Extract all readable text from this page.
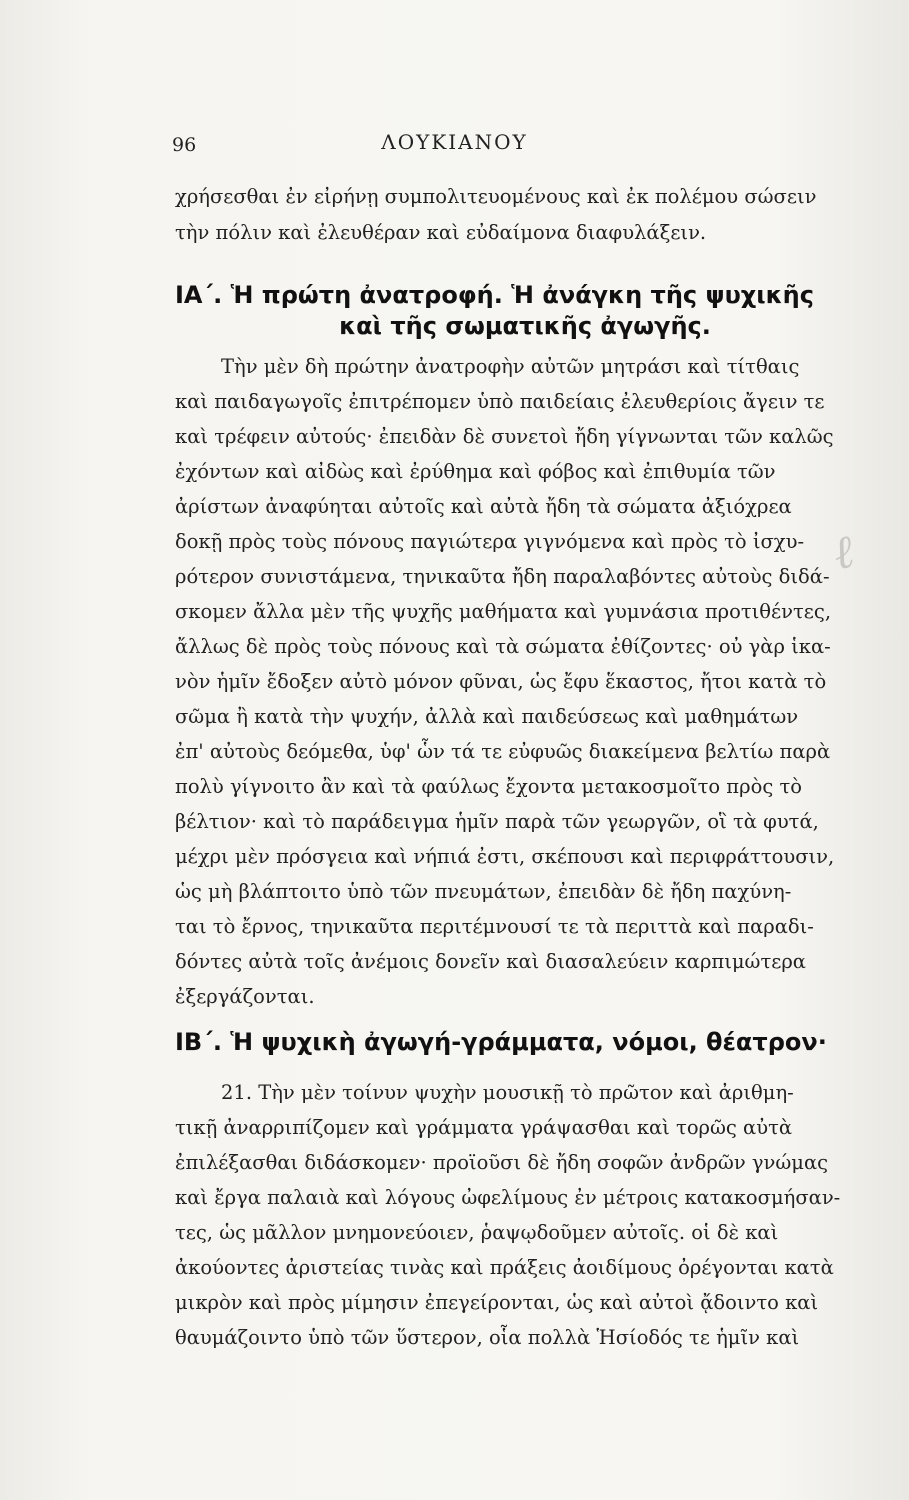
ℓ
96	ΛΟΥΚΙΑΝΟΥ
χρήσεσθαι ἐν εἰρήνῃ συμπολιτευομένους καὶ ἐκ πολέμου σώσειν
τὴν πόλιν καὶ ἐλευθέραν καὶ εὐδαίμονα διαφυλάξειν.
ΙΑ΄. Ἡ πρώτη ἀνατροφή. Ἡ ἀνάγκη τῆς ψυχικῆς
καὶ τῆς σωματικῆς ἀγωγῆς.
Τὴν μὲν δὴ πρώτην ἀνατροφὴν αὐτῶν μητράσι καὶ τίτθαις
καὶ παιδαγωγοῖς ἐπιτρέπομεν ὑπὸ παιδείαις ἐλευθερίοις ἄγειν τε
καὶ τρέφειν αὐτούς· ἐπειδὰν δὲ συνετοὶ ἤδη γίγνωνται τῶν καλῶς
ἐχόντων καὶ αἰδὼς καὶ ἐρύθημα καὶ φόβος καὶ ἐπιθυμία τῶν
ἀρίστων ἀναφύηται αὐτοῖς καὶ αὐτὰ ἤδη τὰ σώματα ἀξιόχρεα
δοκῇ πρὸς τοὺς πόνους παγιώτερα γιγνόμενα καὶ πρὸς τὸ ἰσχυ-
ρότερον συνιστάμενα, τηνικαῦτα ἤδη παραλαβόντες αὐτοὺς διδά-
σκομεν ἄλλα μὲν τῆς ψυχῆς μαθήματα καὶ γυμνάσια προτιθέντες,
ἄλλως δὲ πρὸς τοὺς πόνους καὶ τὰ σώματα ἐθίζοντες· οὐ γὰρ ἱκα-
νὸν ἡμῖν ἔδοξεν αὐτὸ μόνον φῦναι, ὡς ἔφυ ἕκαστος, ἤτοι κατὰ τὸ
σῶμα ἢ κατὰ τὴν ψυχήν, ἀλλὰ καὶ παιδεύσεως καὶ μαθημάτων
ἐπ' αὐτοὺς δεόμεθα, ὑφ' ὧν τά τε εὐφυῶς διακείμενα βελτίω παρὰ
πολὺ γίγνοιτο ἂν καὶ τὰ φαύλως ἔχοντα μετακοσμοῖτο πρὸς τὸ
βέλτιον· καὶ τὸ παράδειγμα ἡμῖν παρὰ τῶν γεωργῶν, οἳ τὰ φυτά,
μέχρι μὲν πρόσγεια καὶ νήπιά ἐστι, σκέπουσι καὶ περιφράττουσιν,
ὡς μὴ βλάπτοιτο ὑπὸ τῶν πνευμάτων, ἐπειδὰν δὲ ἤδη παχύνη-
ται τὸ ἔρνος, τηνικαῦτα περιτέμνουσί τε τὰ περιττὰ καὶ παραδι-
δόντες αὐτὰ τοῖς ἀνέμοις δονεῖν καὶ διασαλεύειν καρπιμώτερα
ἐξεργάζονται.
ΙΒ΄. Ἡ ψυχικὴ ἀγωγή-γράμματα, νόμοι, θέατρον·
21. Τὴν μὲν τοίνυν ψυχὴν μουσικῇ τὸ πρῶτον καὶ ἀριθμη-
τικῇ ἀναρριπίζομεν καὶ γράμματα γράψασθαι καὶ τορῶς αὐτὰ
ἐπιλέξασθαι διδάσκομεν· προϊοῦσι δὲ ἤδη σοφῶν ἀνδρῶν γνώμας
καὶ ἔργα παλαιὰ καὶ λόγους ὠφελίμους ἐν μέτροις κατακοσμήσαν-
τες, ὡς μᾶλλον μνημονεύοιεν, ῥαψῳδοῦμεν αὐτοῖς. οἱ δὲ καὶ
ἀκούοντες ἀριστείας τινὰς καὶ πράξεις ἀοιδίμους ὀρέγονται κατὰ
μικρὸν καὶ πρὸς μίμησιν ἐπεγείρονται, ὡς καὶ αὐτοὶ ᾄδοιντο καὶ
θαυμάζοιντο ὑπὸ τῶν ὕστερον, οἷα πολλὰ Ἡσίοδός τε ἡμῖν καὶ
